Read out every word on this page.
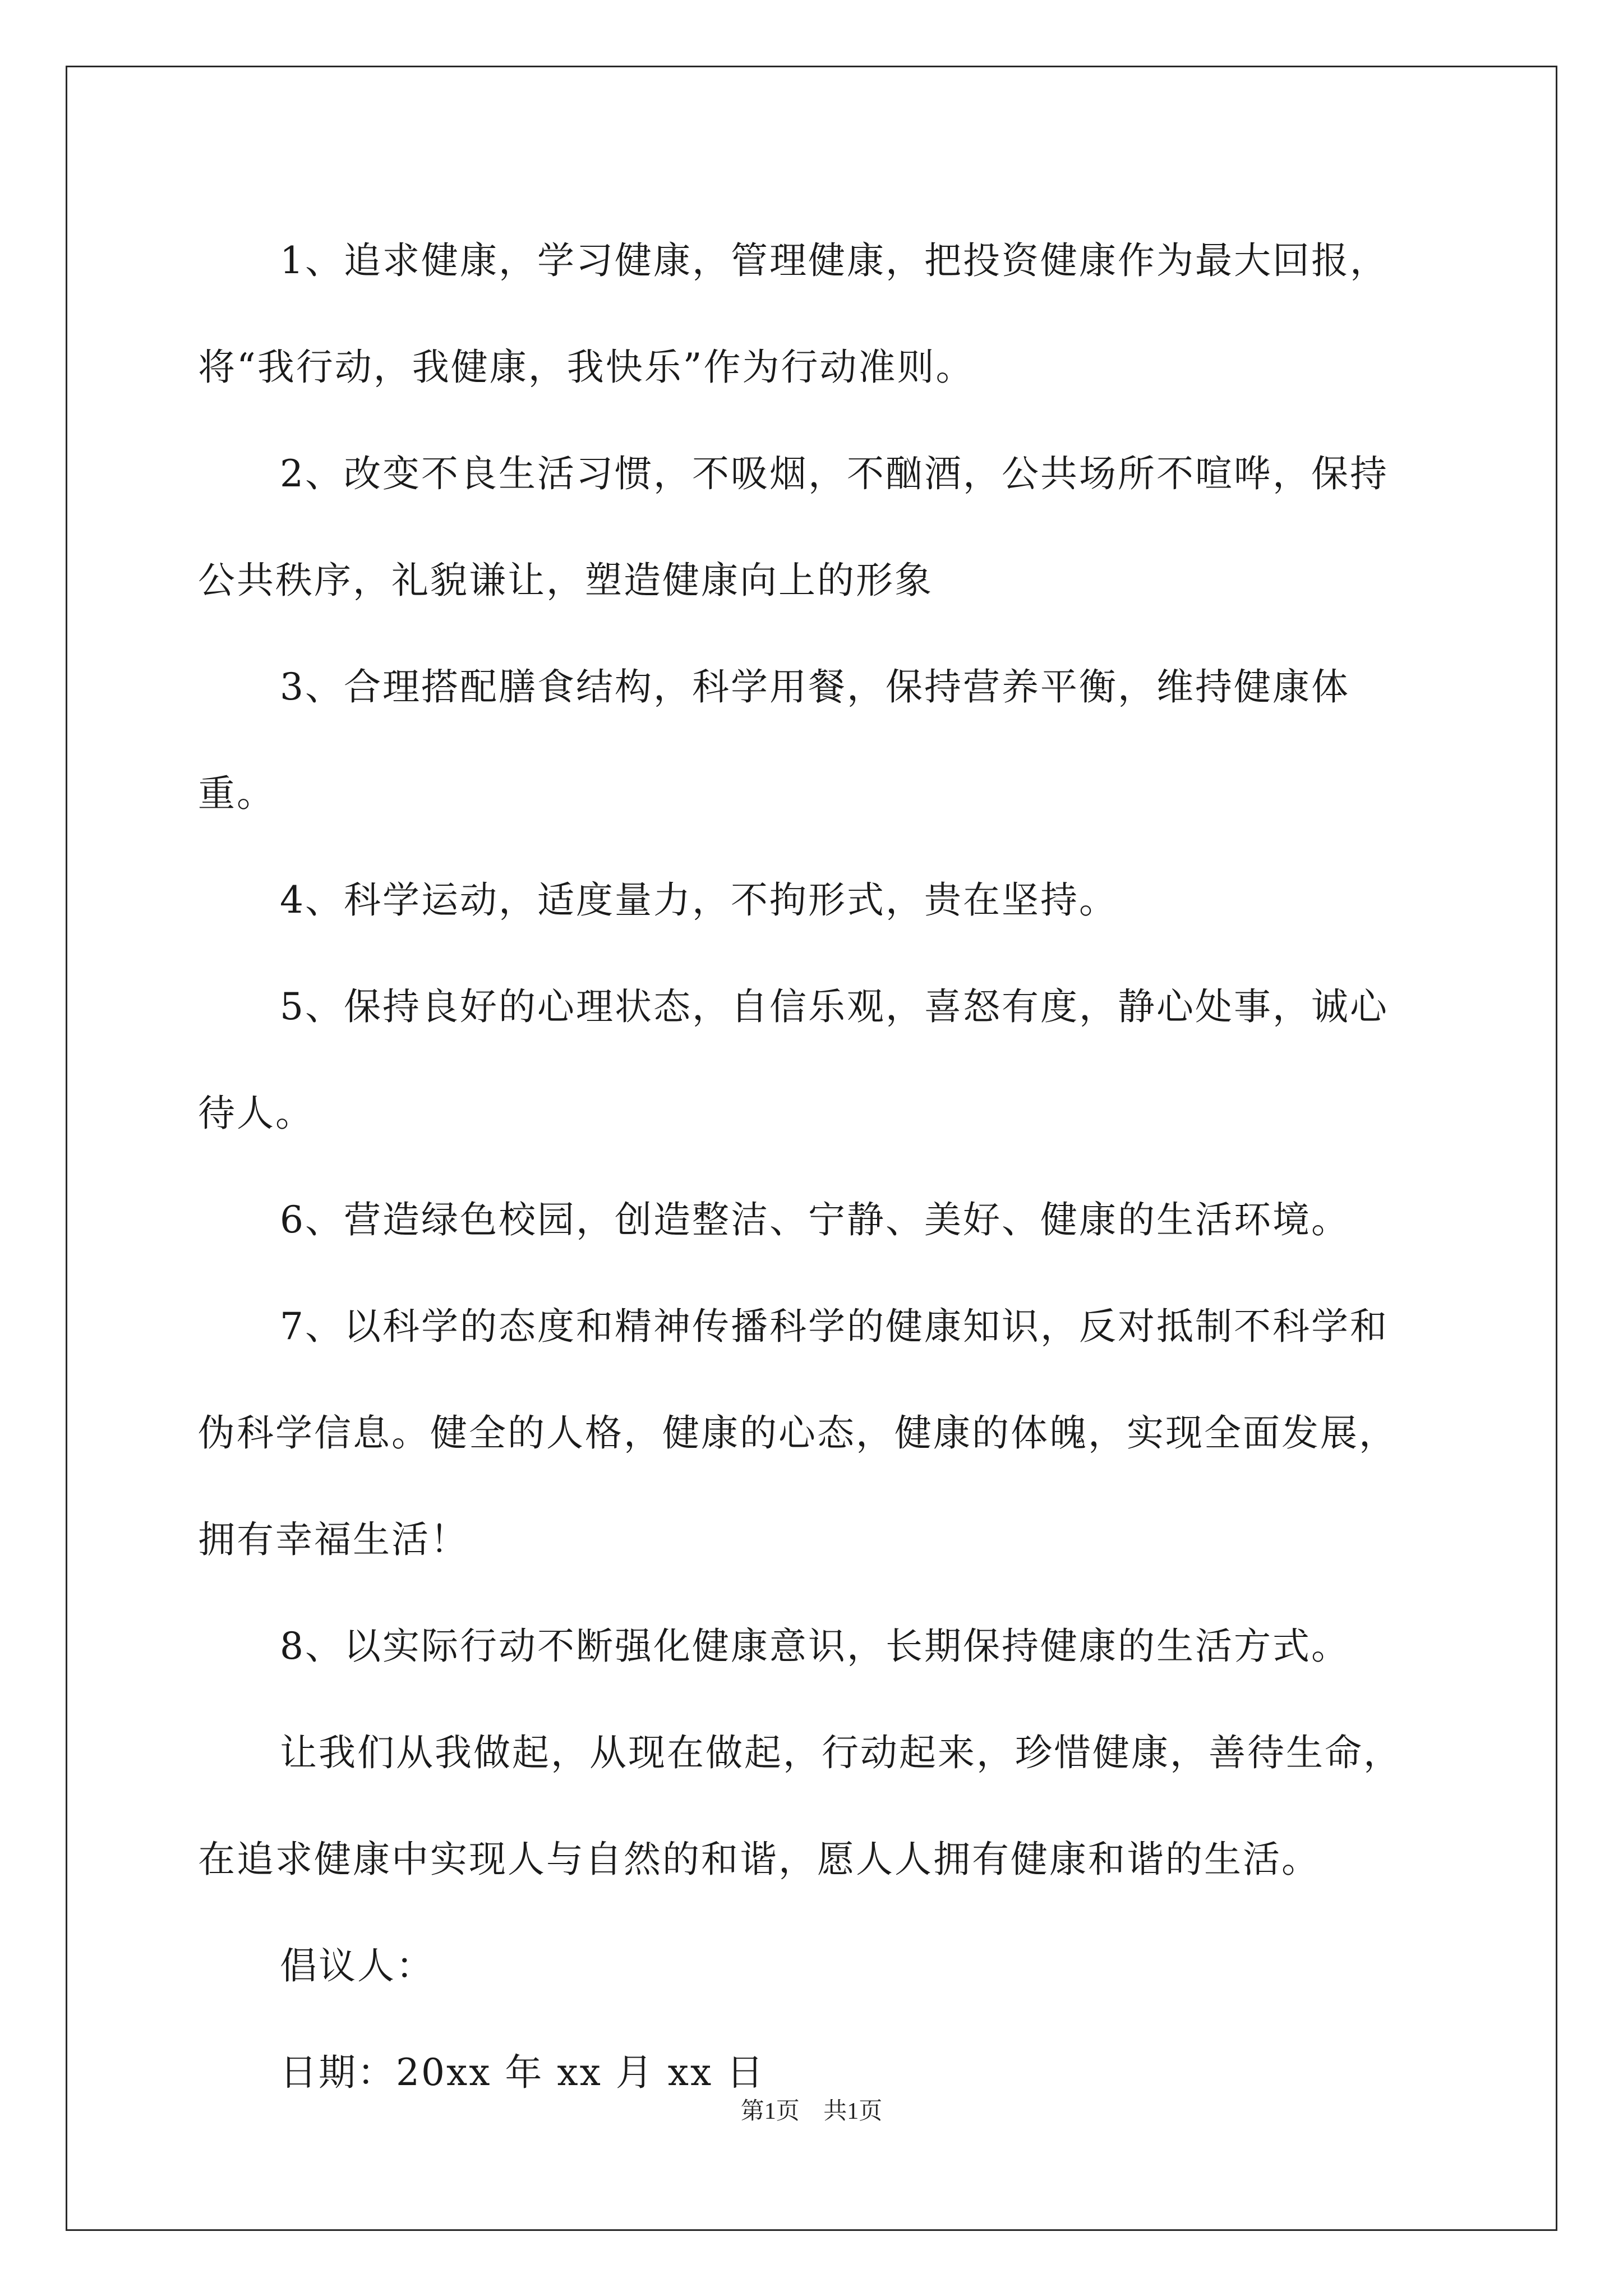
1、追求健康，学习健康，管理健康，把投资健康作为最大回报，将“我行动，我健康，我快乐”作为行动准则。

2、改变不良生活习惯，不吸烟，不酗酒，公共场所不喧哗，保持公共秩序，礼貌谦让，塑造健康向上的形象

3、合理搭配膳食结构，科学用餐，保持营养平衡，维持健康体重。

4、科学运动，适度量力，不拘形式，贵在坚持。

5、保持良好的心理状态，自信乐观，喜怒有度，静心处事，诚心待人。

6、营造绿色校园，创造整洁、宁静、美好、健康的生活环境。

7、以科学的态度和精神传播科学的健康知识，反对抵制不科学和伪科学信息。健全的人格，健康的心态，健康的体魄，实现全面发展，拥有幸福生活！

8、以实际行动不断强化健康意识，长期保持健康的生活方式。

让我们从我做起，从现在做起，行动起来，珍惜健康，善待生命，在追求健康中实现人与自然的和谐，愿人人拥有健康和谐的生活。

倡议人：

日期：20xx 年 xx 月 xx 日

第1页 共1页
